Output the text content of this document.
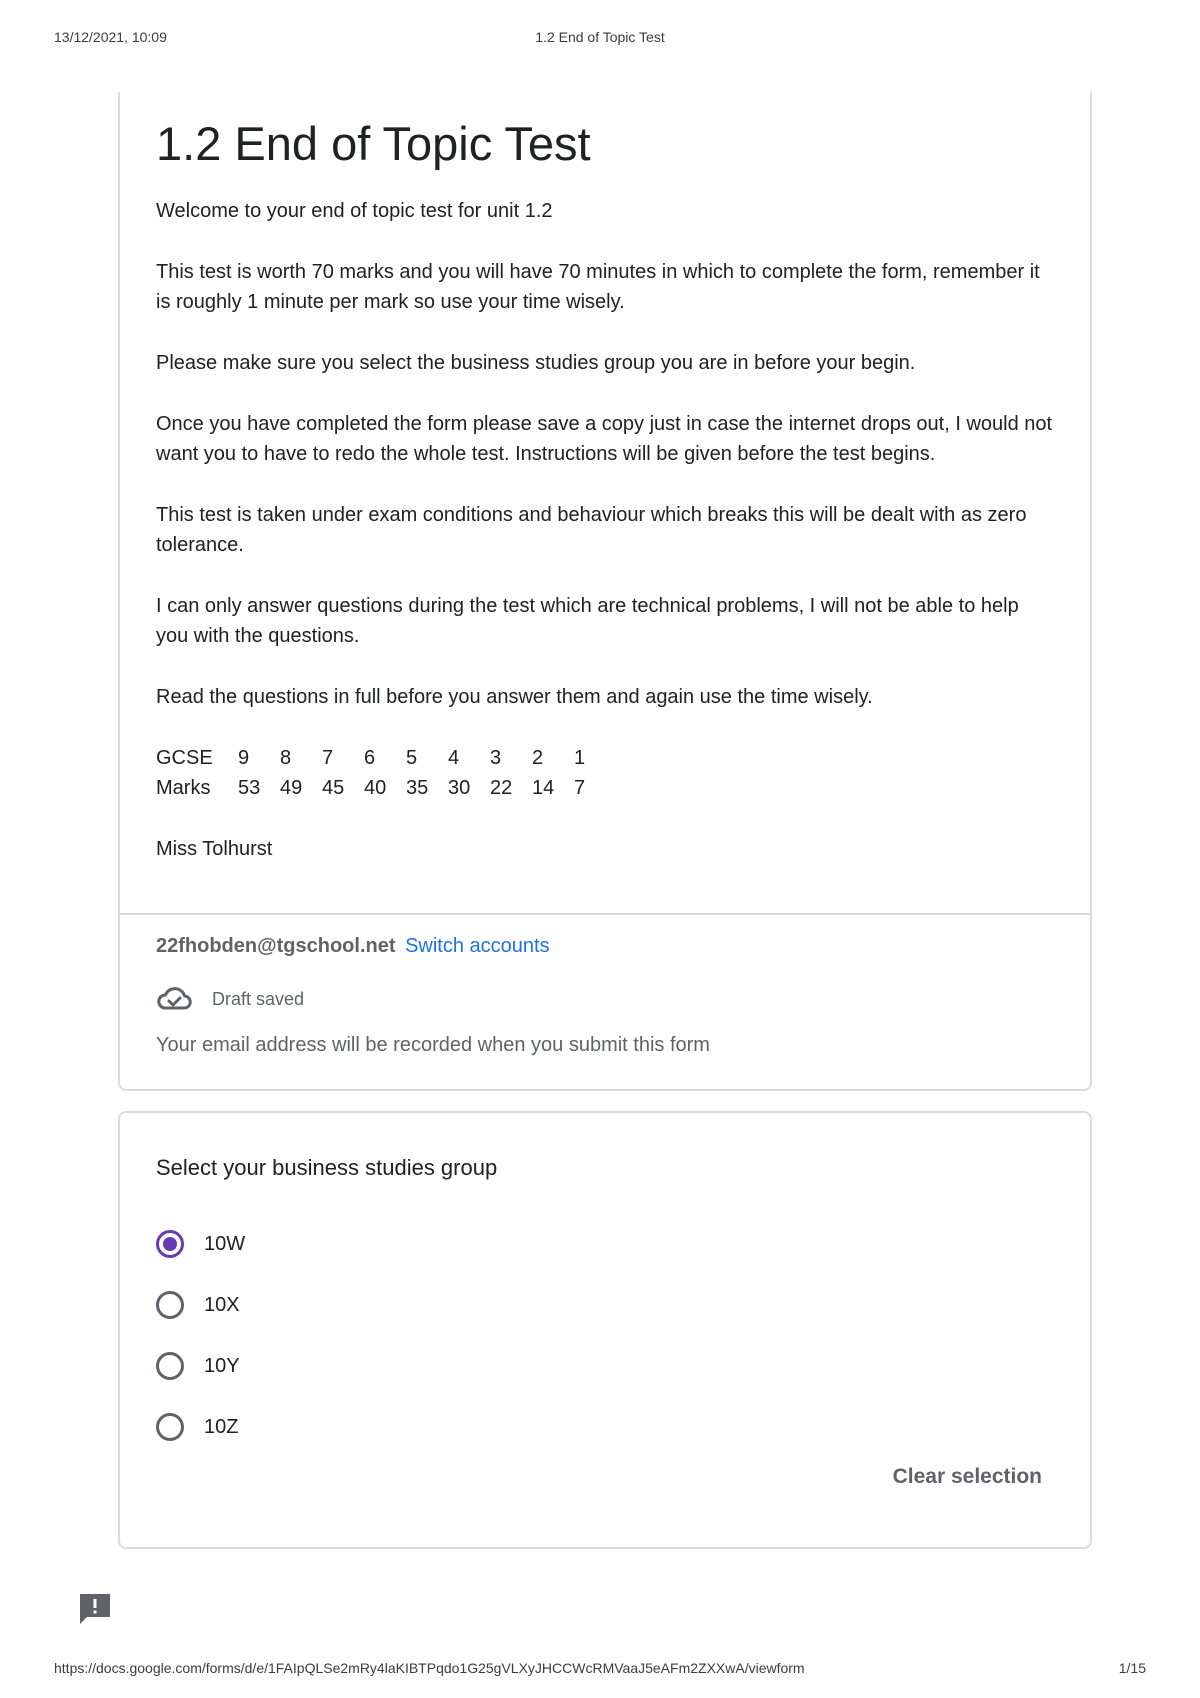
13/12/2021, 10:09	1.2 End of Topic Test
1.2 End of Topic Test

Welcome to your end of topic test for unit 1.2

This test is worth 70 marks and you will have 70 minutes in which to complete the form, remember it is roughly 1 minute per mark so use your time wisely.

Please make sure you select the business studies group you are in before your begin.

Once you have completed the form please save a copy just in case the internet drops out, I would not want you to have to redo the whole test. Instructions will be given before the test begins.

This test is taken under exam conditions and behaviour which breaks this will be dealt with as zero tolerance.

I can only answer questions during the test which are technical problems, I will not be able to help you with the questions.

Read the questions in full before you answer them and again use the time wisely.

GCSE	9	8	7	6	5	4	3	2	1
Marks	53	49	45	40	35	30	22	14	7

Miss Tolhurst

22fhobden@tgschool.net Switch accounts
Draft saved
Your email address will be recorded when you submit this form
Select your business studies group
10W
10X
10Y
10Z
Clear selection
https://docs.google.com/forms/d/e/1FAIpQLSe2mRy4laKIBTPqdo1G25gVLXyJHCCWcRMVaaJ5eAFm2ZXXwA/viewform	1/15
